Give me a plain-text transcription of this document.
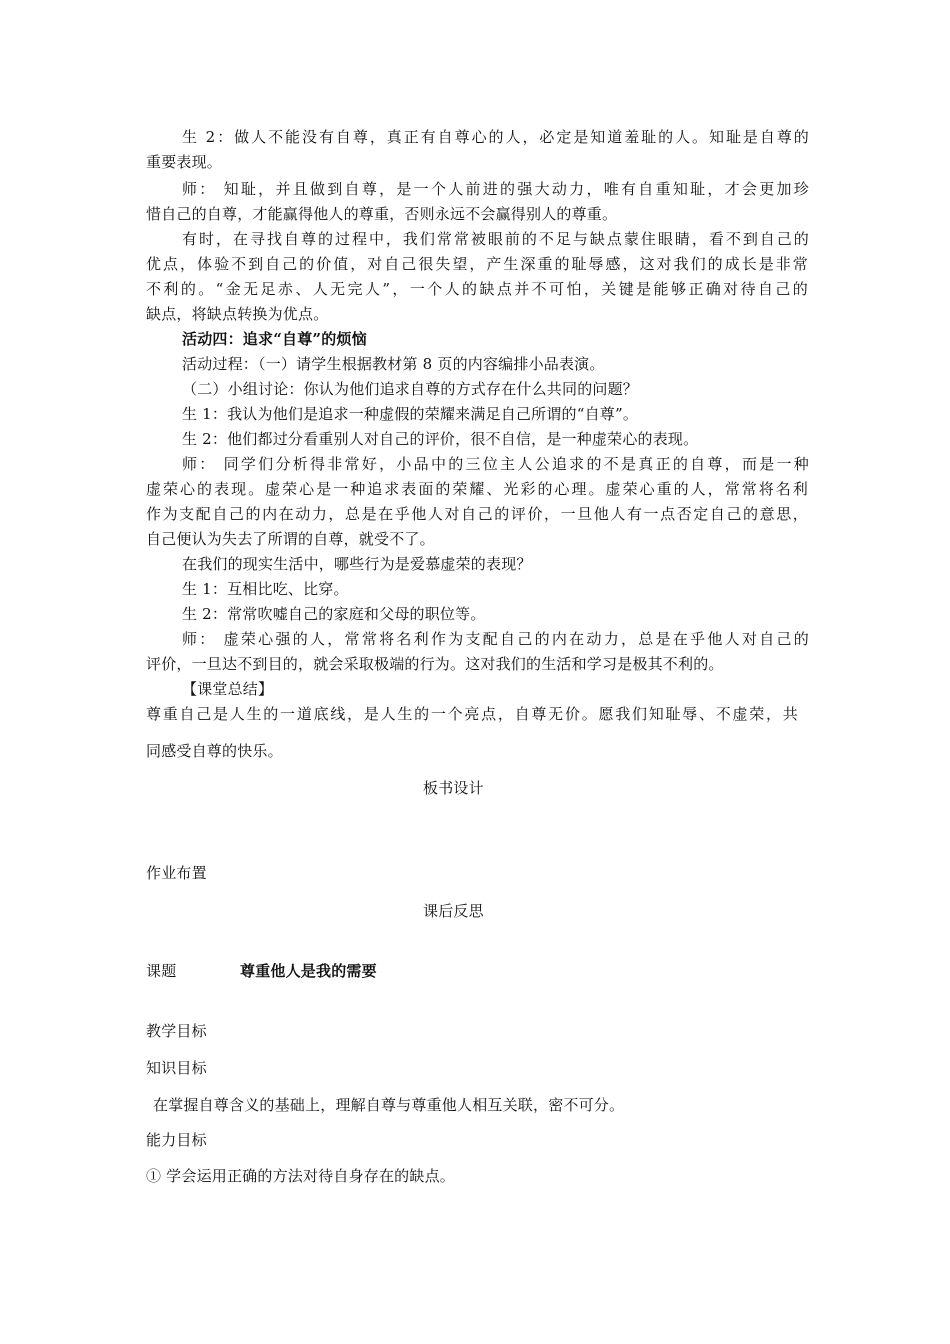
生 2：做人不能没有自尊，真正有自尊心的人，必定是知道羞耻的人。知耻是自尊的
重要表现。
师： 知耻，并且做到自尊，是一个人前进的强大动力，唯有自重知耻，才会更加珍
惜自己的自尊，才能赢得他人的尊重，否则永远不会赢得别人的尊重。
有时，在寻找自尊的过程中，我们常常被眼前的不足与缺点蒙住眼睛，看不到自己的
优点，体验不到自己的价值，对自己很失望，产生深重的耻辱感，这对我们的成长是非常
不利的。“金无足赤、人无完人”，一个人的缺点并不可怕，关键是能够正确对待自己的
缺点，将缺点转换为优点。
活动四：追求“自尊”的烦恼
活动过程：（一）请学生根据教材第 8 页的内容编排小品表演。
（二）小组讨论：你认为他们追求自尊的方式存在什么共同的问题？
生 1：我认为他们是追求一种虚假的荣耀来满足自己所谓的“自尊”。
生 2：他们都过分看重别人对自己的评价，很不自信，是一种虚荣心的表现。
师： 同学们分析得非常好，小品中的三位主人公追求的不是真正的自尊，而是一种
虚荣心的表现。虚荣心是一种追求表面的荣耀、光彩的心理。虚荣心重的人，常常将名利
作为支配自己的内在动力，总是在乎他人对自己的评价，一旦他人有一点否定自己的意思，
自己便认为失去了所谓的自尊，就受不了。
在我们的现实生活中，哪些行为是爱慕虚荣的表现？
生 1：互相比吃、比穿。
生 2：常常吹嘘自己的家庭和父母的职位等。
师： 虚荣心强的人，常常将名利作为支配自己的内在动力，总是在乎他人对自己的
评价，一旦达不到目的，就会采取极端的行为。这对我们的生活和学习是极其不利的。
【课堂总结】
尊重自己是人生的一道底线，是人生的一个亮点，自尊无价。愿我们知耻辱、不虚荣，共
同感受自尊的快乐。
板书设计
作业布置
课后反思
课题	尊重他人是我的需要
教学目标
知识目标
在掌握自尊含义的基础上，理解自尊与尊重他人相互关联，密不可分。
能力目标
① 学会运用正确的方法对待自身存在的缺点。
